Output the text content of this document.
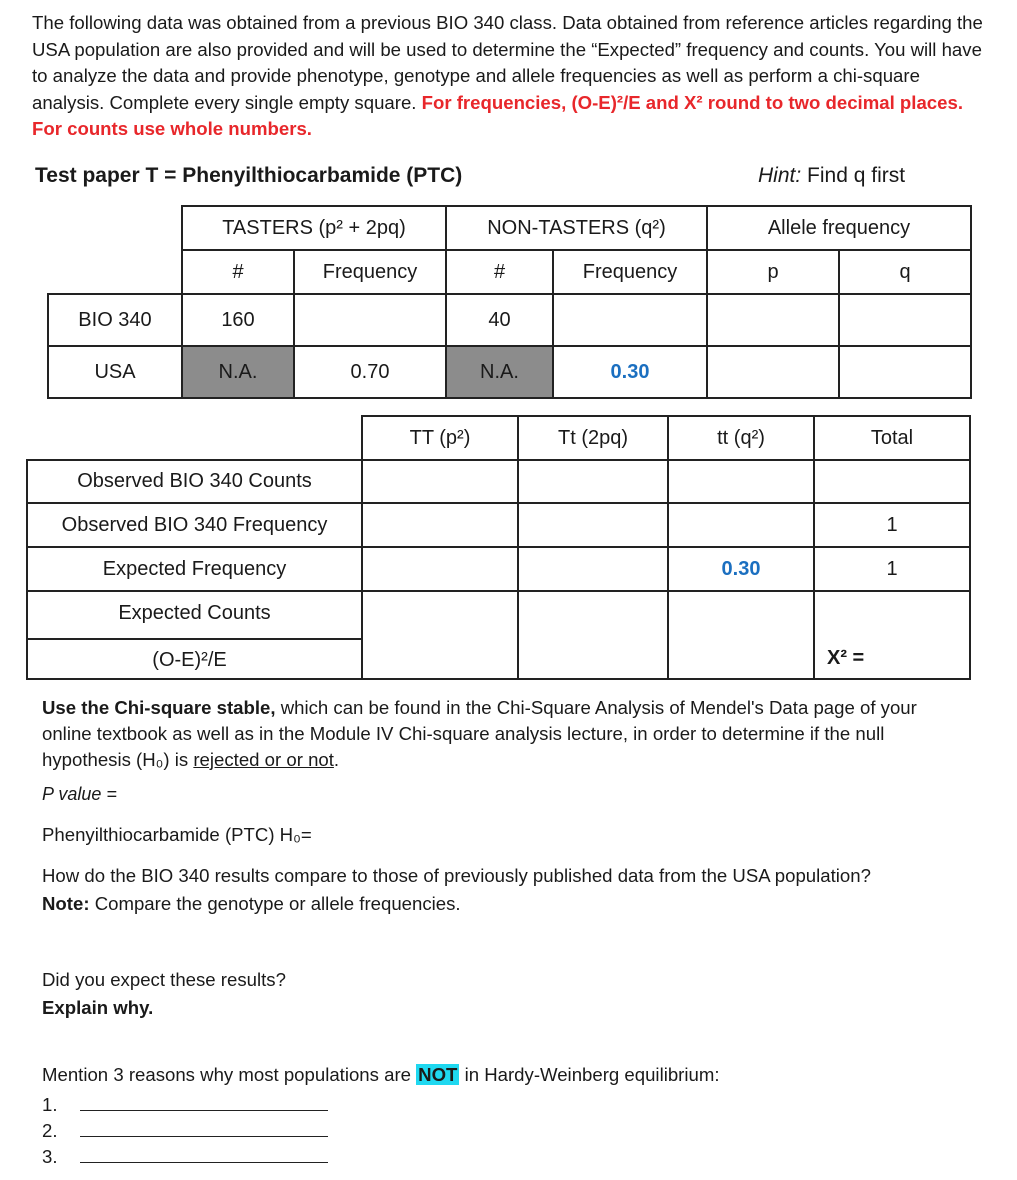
The following data was obtained from a previous BIO 340 class. Data obtained from reference articles regarding the USA population are also provided and will be used to determine the “Expected” frequency and counts. You will have to analyze the data and provide phenotype, genotype and allele frequencies as well as perform a chi-square analysis. Complete every single empty square. For frequencies, (O-E)²/E and X² round to two decimal places. For counts use whole numbers.
Test paper T = Phenyilthiocarbamide (PTC)	Hint: Find q first
	TASTERS (p² + 2pq)		NON-TASTERS (q²)		Allele frequency	
	#	Frequency	#	Frequency	p	q
BIO 340	160		40			
USA	N.A.	0.70	N.A.	0.30		
	TT (p²)	Tt (2pq)	tt (q²)	Total
Observed BIO 340 Counts				
Observed BIO 340 Frequency				1
Expected Frequency			0.30	1

Expected Counts
(O-E)²/E				X² =
Use the Chi-square stable, which can be found in the Chi-Square Analysis of Mendel's Data page of your online textbook as well as in the Module IV Chi-square analysis lecture, in order to determine if the null hypothesis (H₀) is rejected or or not.
P value =
Phenyilthiocarbamide (PTC) H₀=
How do the BIO 340 results compare to those of previously published data from the USA population?
Note: Compare the genotype or allele frequencies.
Did you expect these results?
Explain why.
Mention 3 reasons why most populations are NOT in Hardy-Weinberg equilibrium:
1.
2.
3.
